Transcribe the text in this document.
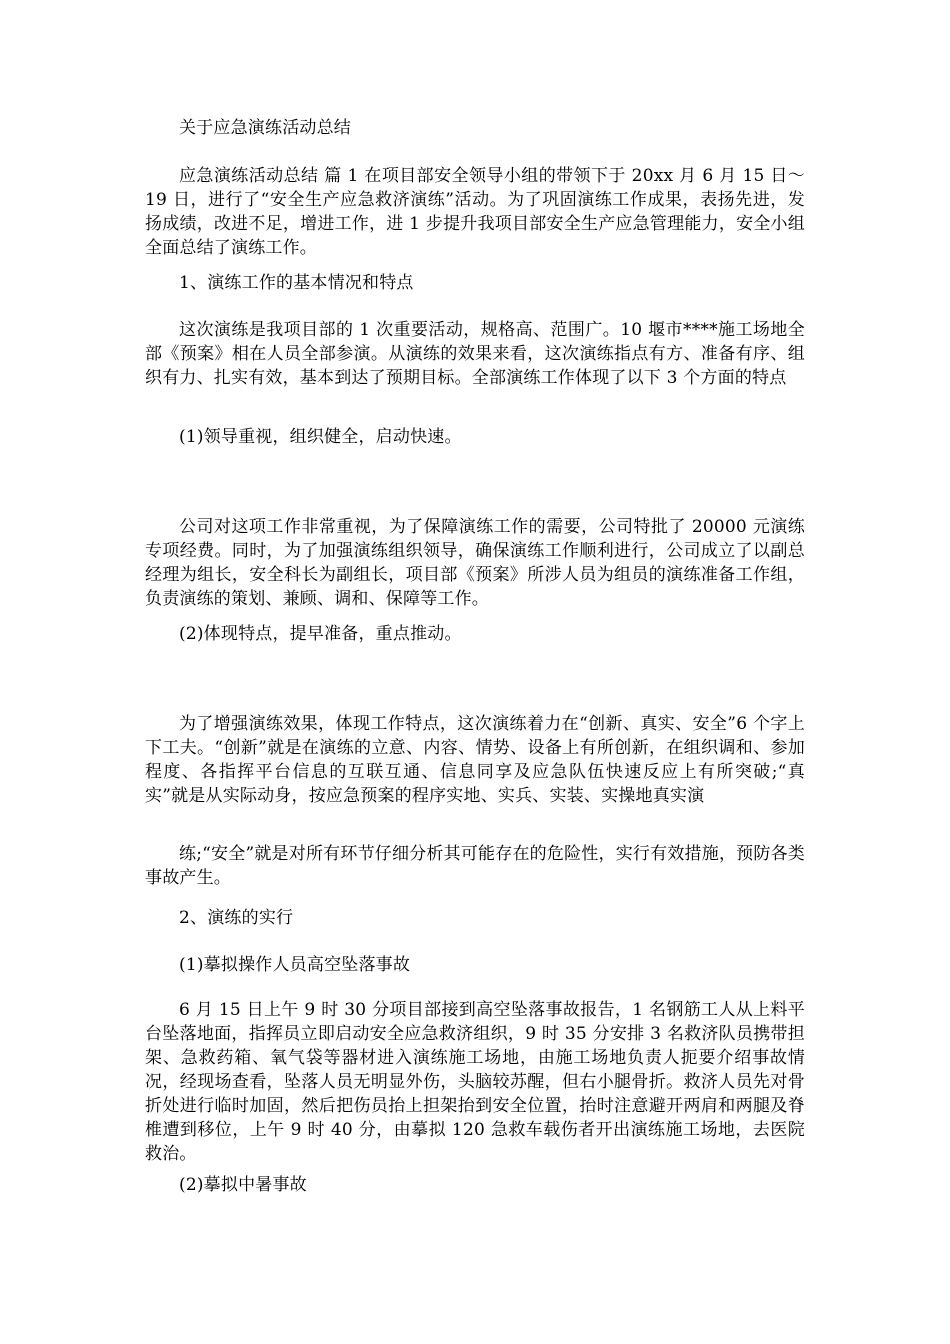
关于应急演练活动总结
应急演练活动总结 篇 1 在项目部安全领导小组的带领下于 20xx 月 6 月 15 日～19 日，进行了“安全生产应急救济演练”活动。为了巩固演练工作成果，表扬先进，发扬成绩，改进不足，增进工作，进 1 步提升我项目部安全生产应急管理能力，安全小组全面总结了演练工作。
1、演练工作的基本情况和特点
这次演练是我项目部的 1 次重要活动，规格高、范围广。10 堰市****施工场地全部《预案》相在人员全部参演。从演练的效果来看，这次演练指点有方、准备有序、组织有力、扎实有效，基本到达了预期目标。全部演练工作体现了以下 3 个方面的特点
(1)领导重视，组织健全，启动快速。
公司对这项工作非常重视，为了保障演练工作的需要，公司特批了 20000 元演练专项经费。同时，为了加强演练组织领导，确保演练工作顺利进行，公司成立了以副总经理为组长，安全科长为副组长，项目部《预案》所涉人员为组员的演练准备工作组，负责演练的策划、兼顾、调和、保障等工作。
(2)体现特点，提早准备，重点推动。
为了增强演练效果，体现工作特点，这次演练着力在“创新、真实、安全”6 个字上下工夫。“创新”就是在演练的立意、内容、情势、设备上有所创新，在组织调和、参加程度、各指挥平台信息的互联互通、信息同享及应急队伍快速反应上有所突破;“真实”就是从实际动身，按应急预案的程序实地、实兵、实装、实操地真实演
练;“安全”就是对所有环节仔细分析其可能存在的危险性，实行有效措施，预防各类事故产生。
2、演练的实行
(1)摹拟操作人员高空坠落事故
6 月 15 日上午 9 时 30 分项目部接到高空坠落事故报告，1 名钢筋工人从上料平台坠落地面，指挥员立即启动安全应急救济组织，9 时 35 分安排 3 名救济队员携带担架、急救药箱、氧气袋等器材进入演练施工场地，由施工场地负责人扼要介绍事故情况，经现场查看，坠落人员无明显外伤，头脑较苏醒，但右小腿骨折。救济人员先对骨折处进行临时加固，然后把伤员抬上担架抬到安全位置，抬时注意避开两肩和两腿及脊椎遭到移位，上午 9 时 40 分，由摹拟 120 急救车载伤者开出演练施工场地，去医院救治。
(2)摹拟中暑事故
